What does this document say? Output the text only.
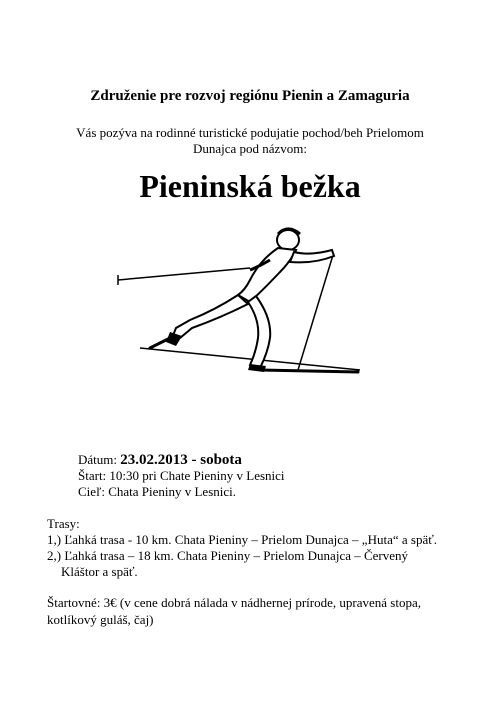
Združenie pre rozvoj regiónu Pienin a Zamaguria
Vás pozýva na rodinné turistické podujatie pochod/beh Prielomom
Dunajca pod názvom:
Pieninská bežka
Dátum: 23.02.2013 - sobota
Štart: 10:30 pri Chate Pieniny v Lesnici
Cieľ: Chata Pieniny v Lesnici.
Trasy:
1,) Ľahká trasa - 10 km. Chata Pieniny – Prielom Dunajca – „Huta“ a späť.
2,) Ľahká trasa – 18 km. Chata Pieniny – Prielom Dunajca – Červený
Kláštor a späť.
Štartovné: 3€ (v cene dobrá nálada v nádhernej prírode, upravená stopa,
kotlíkový guláš, čaj)
